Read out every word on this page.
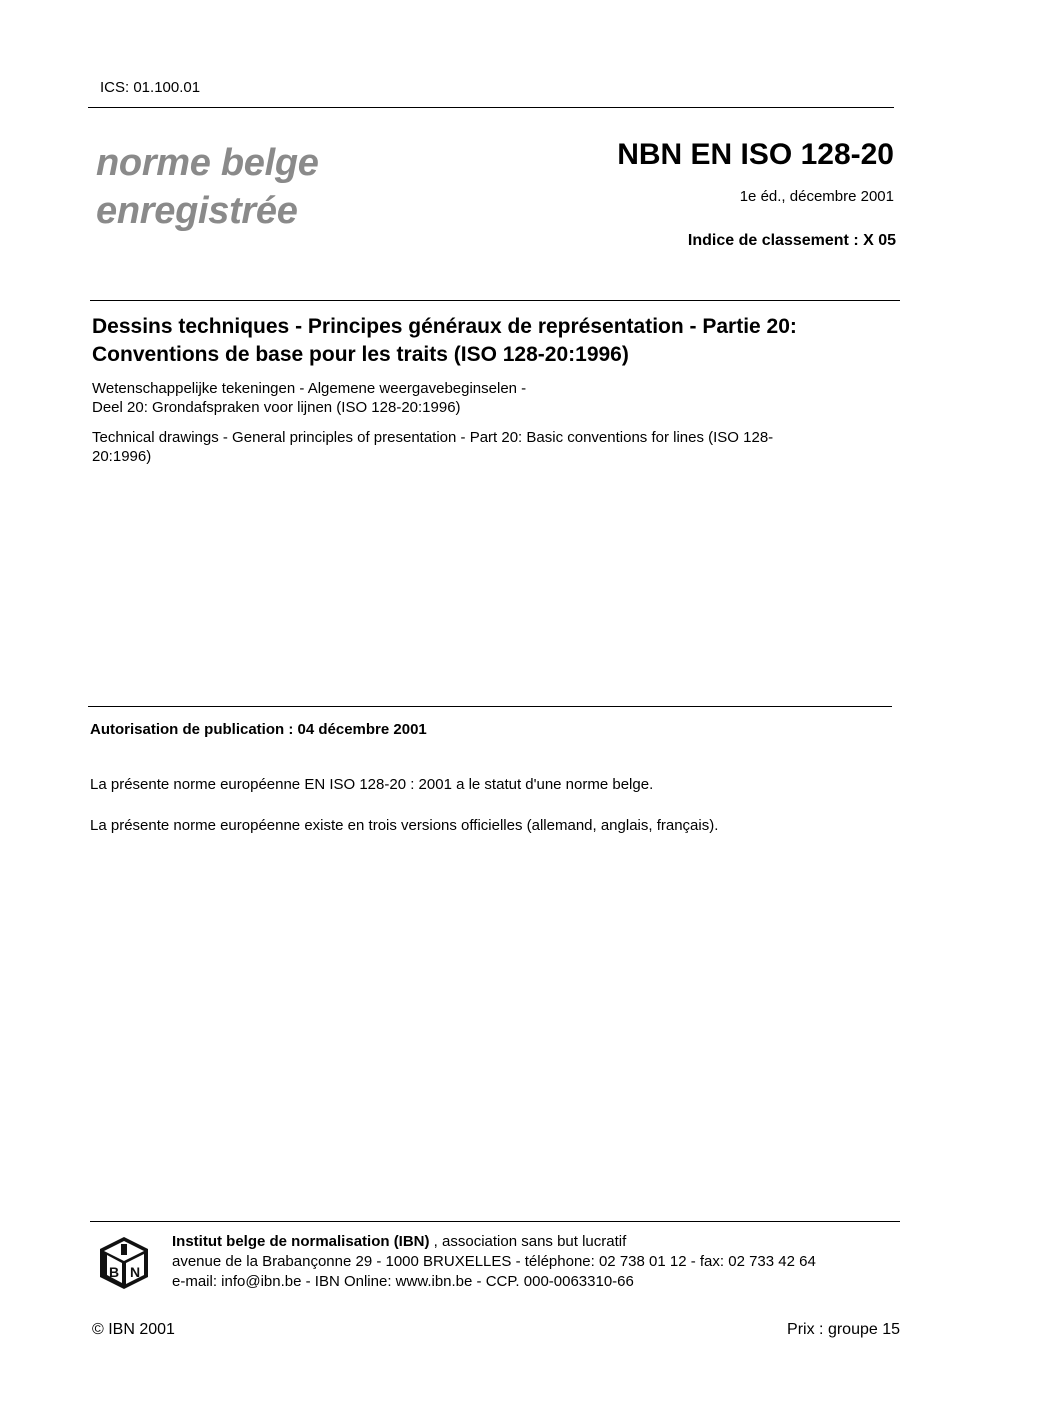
ICS: 01.100.01
norme belge
enregistrée
NBN EN ISO 128-20
1e éd., décembre 2001
Indice de classement : X 05
Dessins techniques - Principes généraux de représentation - Partie 20:
Conventions de base pour les traits (ISO 128-20:1996)
Wetenschappelijke tekeningen - Algemene weergavebeginselen -
Deel 20: Grondafspraken voor lijnen (ISO 128-20:1996)
Technical drawings - General principles of presentation - Part 20: Basic conventions for lines (ISO 128-
20:1996)
Autorisation de publication : 04 décembre 2001
La présente norme européenne EN ISO 128-20 : 2001 a le statut d'une norme belge.
La présente norme européenne existe en trois versions officielles (allemand, anglais, français).
B N
Institut belge de normalisation (IBN) , association sans but lucratif
avenue de la Brabançonne 29 - 1000 BRUXELLES - téléphone: 02 738 01 12 - fax: 02 733 42 64
e-mail: info@ibn.be - IBN Online: www.ibn.be - CCP. 000-0063310-66
© IBN 2001	Prix : groupe 15
